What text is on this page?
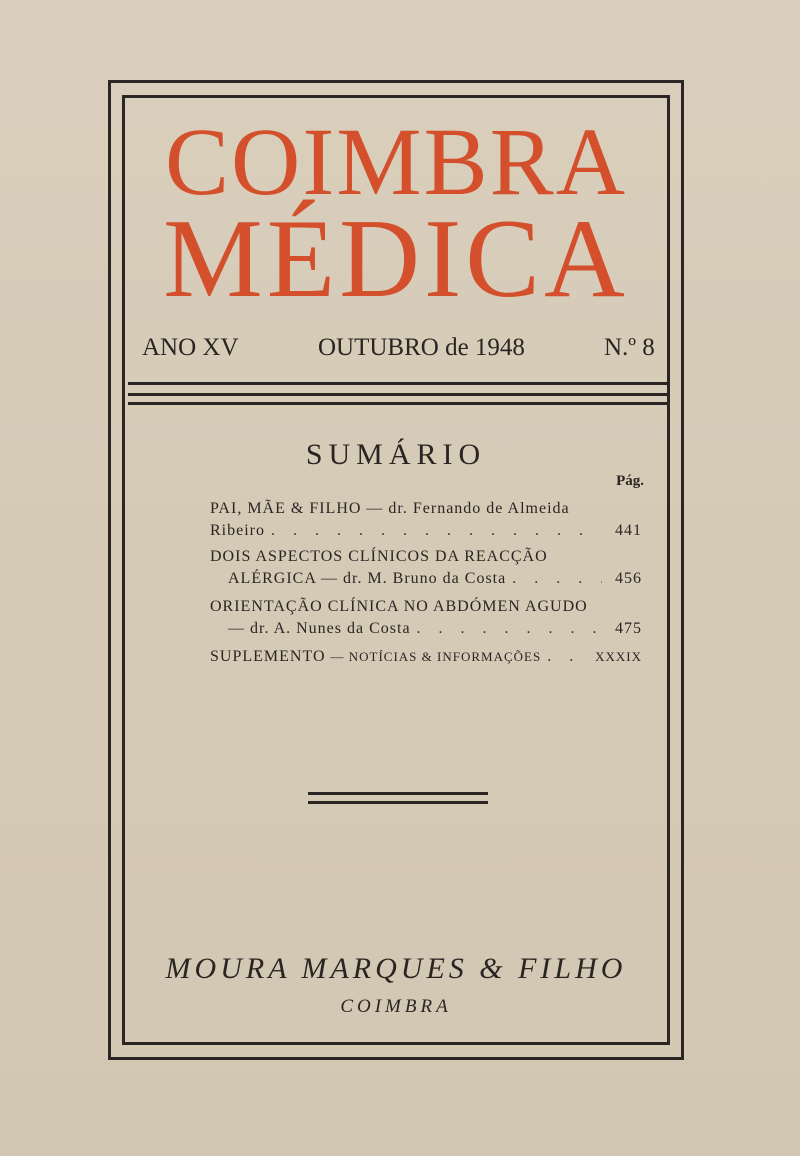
COIMBRA
MÉDICA
ANO XV	OUTUBRO de 1948	N.º 8
SUMÁRIO
Pág.
PAI, MÃE & FILHO — dr. Fernando de Almeida
Ribeiro . . .	441
DOIS ASPECTOS CLÍNICOS DA REACÇÃO
ALÉRGICA — dr. M. Bruno da Costa . . .	456
ORIENTAÇÃO CLÍNICA NO ABDÓMEN AGUDO
— dr. A. Nunes da Costa . . .	475
SUPLEMENTO
— NOTÍCIAS & INFORMAÇÕES . . .	XXXIX
MOURA MARQUES & FILHO
COIMBRA
